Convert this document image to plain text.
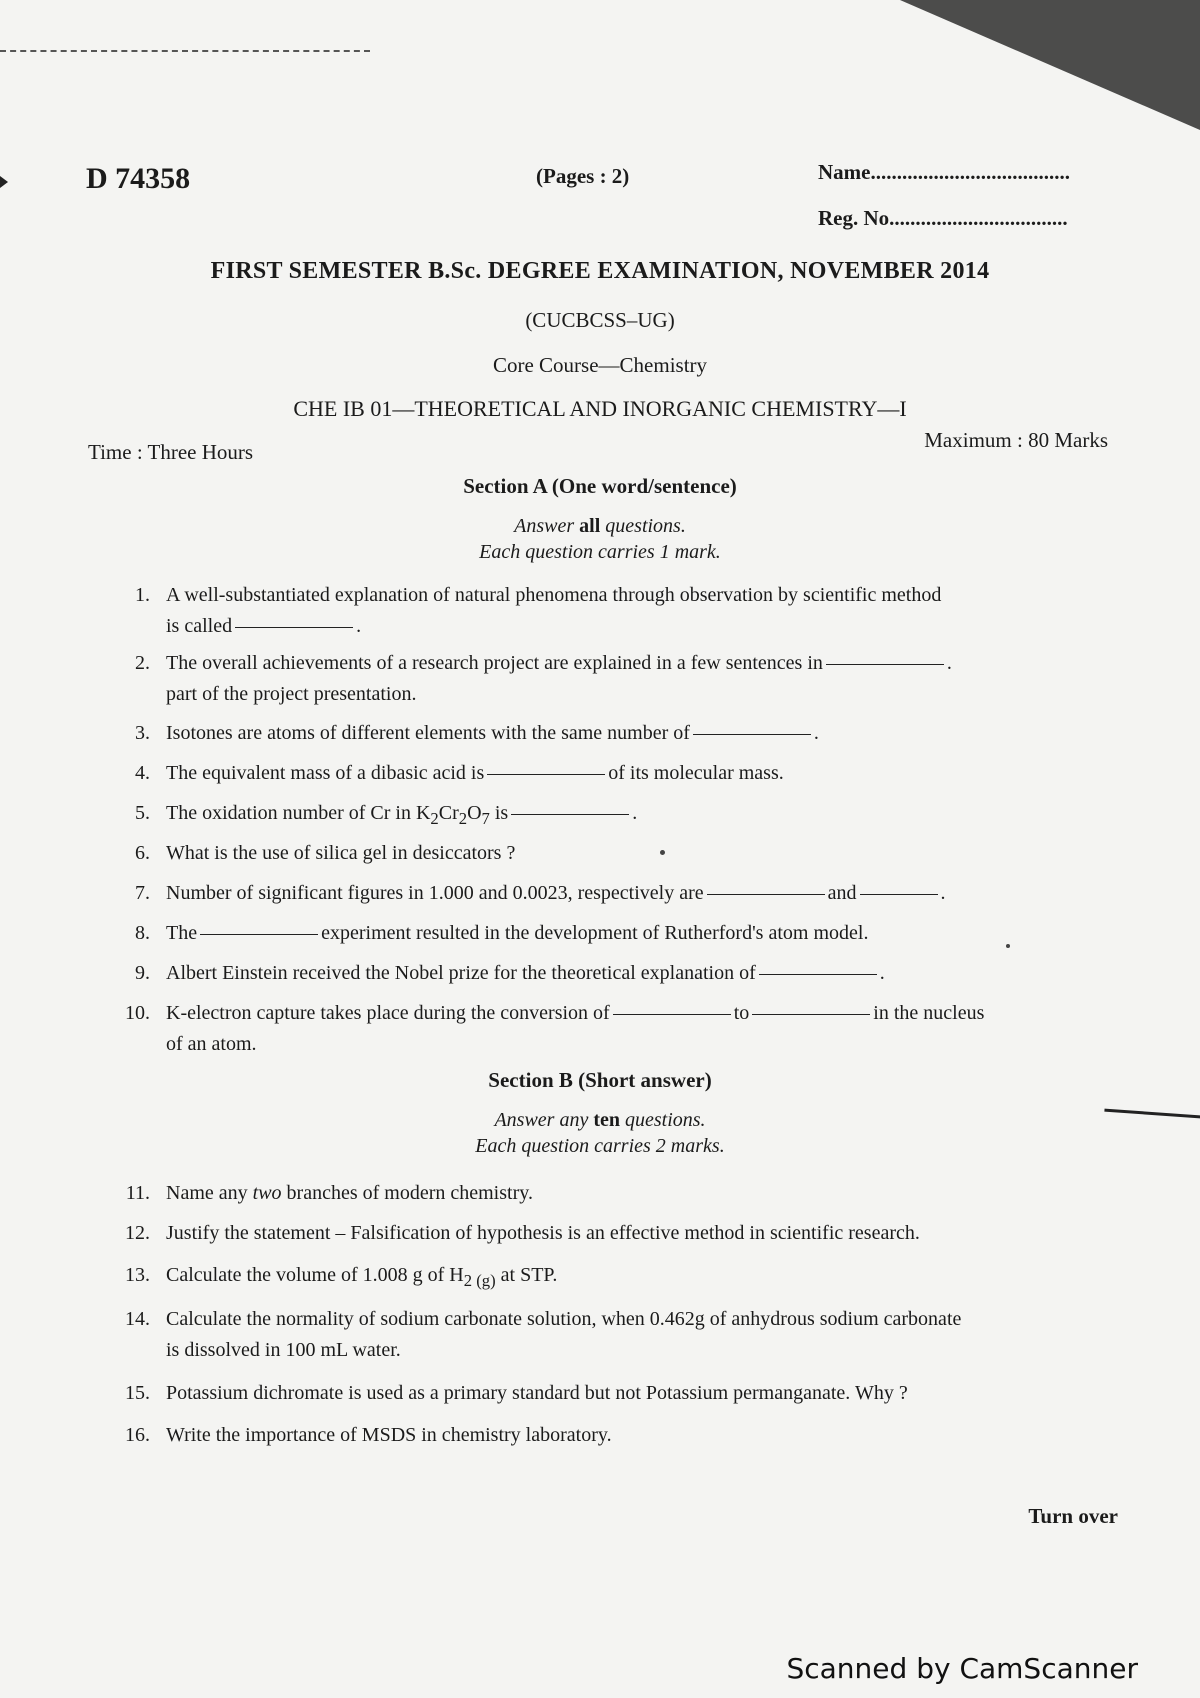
D 74358	(Pages : 2)	Name......................................
Reg. No..................................
FIRST SEMESTER B.Sc. DEGREE EXAMINATION, NOVEMBER 2014
(CUCBCSS–UG)
Core Course—Chemistry
CHE IB 01—THEORETICAL AND INORGANIC CHEMISTRY—I
Time : Three Hours	Maximum : 80 Marks
Section A (One word/sentence)
Answer all questions.
Each question carries 1 mark.
1. A well-substantiated explanation of natural phenomena through observation by scientific method
is called	.
2. The overall achievements of a research project are explained in a few sentences in	.
part of the project presentation.
3. Isotones are atoms of different elements with the same number of	.
4. The equivalent mass of a dibasic acid is	of its molecular mass.
5. The oxidation number of Cr in $K_2Cr_2O_7$ is	.
6. What is the use of silica gel in desiccators ?
7. Number of significant figures in 1.000 and 0.0023, respectively are	and	.
8. The	experiment resulted in the development of Rutherford's atom model.
9. Albert Einstein received the Nobel prize for the theoretical explanation of	.
10. K-electron capture takes place during the conversion of	to	in the nucleus
of an atom.
Section B (Short answer)
Answer any ten questions.
Each question carries 2 marks.
11. Name any two branches of modern chemistry.
12. Justify the statement – Falsification of hypothesis is an effective method in scientific research.
13. Calculate the volume of 1.008 g of $H_{2 (g)}$ at STP.
14. Calculate the normality of sodium carbonate solution, when 0.462g of anhydrous sodium carbonate
is dissolved in 100 mL water.
15. Potassium dichromate is used as a primary standard but not Potassium permanganate. Why ?
16. Write the importance of MSDS in chemistry laboratory.
Turn over
Scanned by CamScanner
